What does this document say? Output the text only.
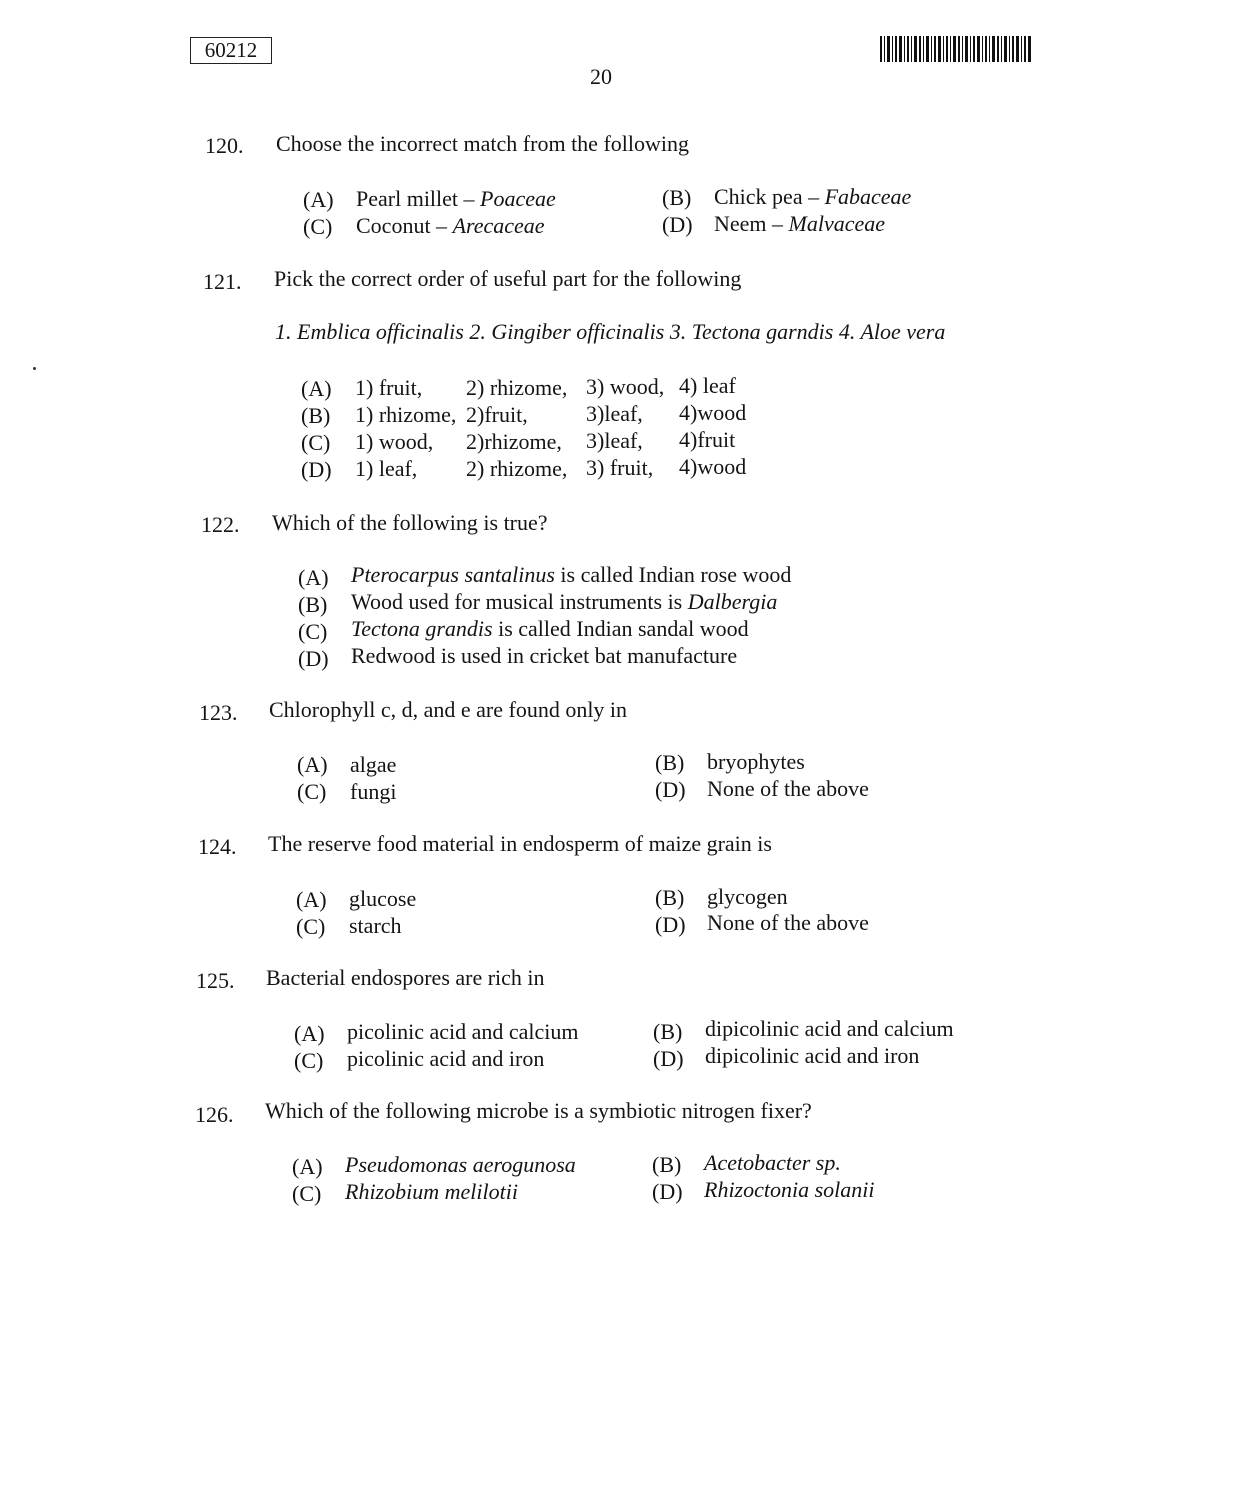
60212
20
120. Choose the incorrect match from the following
(A) Pearl millet – Poaceae	(B) Chick pea – Fabaceae
(C) Coconut – Arecaceae	(D) Neem – Malvaceae
121. Pick the correct order of useful part for the following
1. Emblica officinalis 2. Gingiber officinalis 3. Tectona garndis 4. Aloe vera
(A) 1) fruit, 2) rhizome, 3) wood, 4) leaf
(B) 1) rhizome, 2)fruit,	3)leaf, 4)wood
(C) 1) wood, 2)rhizome, 3)leaf, 4)fruit
(D) 1) leaf, 2) rhizome, 3) fruit, 4)wood
122. Which of the following is true?
(A) Pterocarpus santalinus is called Indian rose wood
(B) Wood used for musical instruments is Dalbergia
(C) Tectona grandis is called Indian sandal wood
(D) Redwood is used in cricket bat manufacture
123. Chlorophyll c, d, and e are found only in
(A) algae	(B) bryophytes
(C) fungi	(D) None of the above
124. The reserve food material in endosperm of maize grain is
(A) glucose	(B) glycogen
(C) starch	(D) None of the above
125. Bacterial endospores are rich in
(A) picolinic acid and calcium	(B) dipicolinic acid and calcium
(C) picolinic acid and iron	(D) dipicolinic acid and iron
126. Which of the following microbe is a symbiotic nitrogen fixer?
(A) Pseudomonas aerogunosa	(B) Acetobacter sp.
(C) Rhizobium melilotii	(D) Rhizoctonia solanii
